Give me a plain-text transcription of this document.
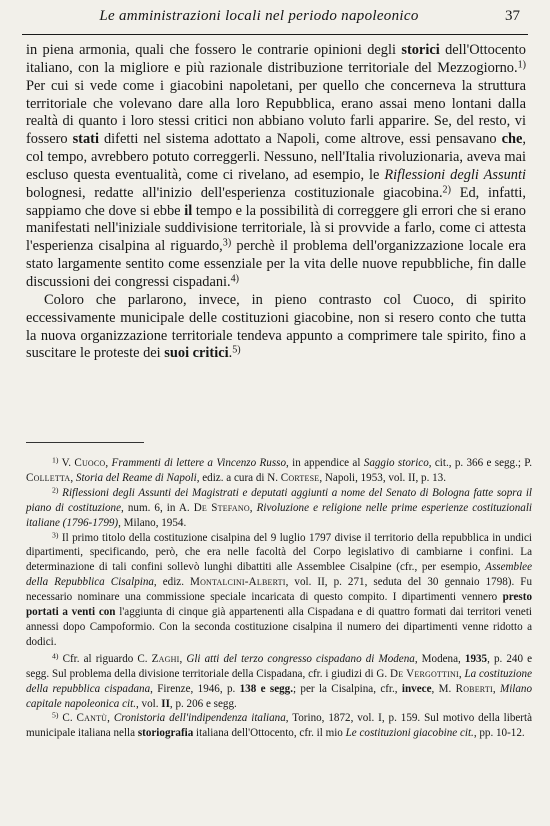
Le amministrazioni locali nel periodo napoleonico	37

in piena armonia, quali che fossero le contrarie opinioni degli storici dell'Ottocento italiano, con la migliore e più razionale distribuzione territoriale del Mezzogiorno.$^{1)}$ Per cui si vede come i giacobini napoletani, per quello che concerneva la struttura territoriale che volevano dare alla loro Repubblica, erano assai meno lontani dalla realtà di quanto i loro stessi critici non abbiano voluto farli apparire. Se, del resto, vi fossero stati difetti nel sistema adottato a Napoli, come altrove, essi pensavano che, col tempo, avrebbero potuto correggerli. Nessuno, nell'Italia rivoluzionaria, aveva mai escluso questa eventualità, come ci rivelano, ad esempio, le Riflessioni degli Assunti bolognesi, redatte all'inizio dell'esperienza costituzionale giacobina.$^{2)}$ Ed, infatti, sappiamo che dove si ebbe il tempo e la possibilità di correggere gli errori che si erano manifestati nell'iniziale suddivisione territoriale, là si provvide a farlo, come ci attesta l'esperienza cisalpina al riguardo,$^{3)}$ perchè il problema dell'organizzazione locale era stato largamente sentito come essenziale per la vita delle nuove repubbliche, fin dalle discussioni dei congressi cispadani.$^{4)}$

Coloro che parlarono, invece, in pieno contrasto col Cuoco, di spirito eccessivamente municipale delle costituzioni giacobine, non si resero conto che tutta la nuova organizzazione territoriale tendeva appunto a comprimere tale spirito, fino a suscitare le proteste dei suoi critici.$^{5)}$

$^{1)}$ V. Cuoco, Frammenti di lettere a Vincenzo Russo, in appendice al Saggio storico, cit., p. 366 e segg.; P. Colletta, Storia del Reame di Napoli, ediz. a cura di N. Cortese, Napoli, 1953, vol. II, p. 13.

$^{2)}$ Riflessioni degli Assunti dei Magistrati e deputati aggiunti a nome del Senato di Bologna fatte sopra il piano di costituzione, num. 6, in A. De Stefano, Rivoluzione e religione nelle prime esperienze costituzionali italiane (1796-1799), Milano, 1954.

$^{3)}$ Il primo titolo della costituzione cisalpina del 9 luglio 1797 divise il territorio della repubblica in undici dipartimenti, specificando, però, che era nelle facoltà del Corpo legislativo di cambiarne i confini. La determinazione di tali confini sollevò lunghi dibattiti alle Assemblee Cisalpine (cfr., per esempio, Assemblee della Repubblica Cisalpina, ediz. Montalcini-Alberti, vol. II, p. 271, seduta del 30 gennaio 1798). Fu necessario nominare una commissione speciale incaricata di questo compito. I dipartimenti vennero presto portati a venti con l'aggiunta di cinque già appartenenti alla Cispadana e di quattro formati dai territori veneti annessi dopo Campoformio. Con la seconda costituzione cisalpina il numero dei dipartimenti venne ridotto a dodici.

$^{4)}$ Cfr. al riguardo C. Zaghi, Gli atti del terzo congresso cispadano di Modena, Modena, 1935, p. 240 e segg. Sul problema della divisione territoriale della Cispadana, cfr. i giudizi di G. De Vergottini, La costituzione della repubblica cispadana, Firenze, 1946, p. 138 e segg.; per la Cisalpina, cfr., invece, M. Roberti, Milano capitale napoleonica cit., vol. II, p. 206 e segg.

$^{5)}$ C. Cantù, Cronistoria dell'indipendenza italiana, Torino, 1872, vol. I, p. 159. Sul motivo della libertà municipale italiana nella storiografia italiana dell'Ottocento, cfr. il mio Le costituzioni giacobine cit., pp. 10-12.
